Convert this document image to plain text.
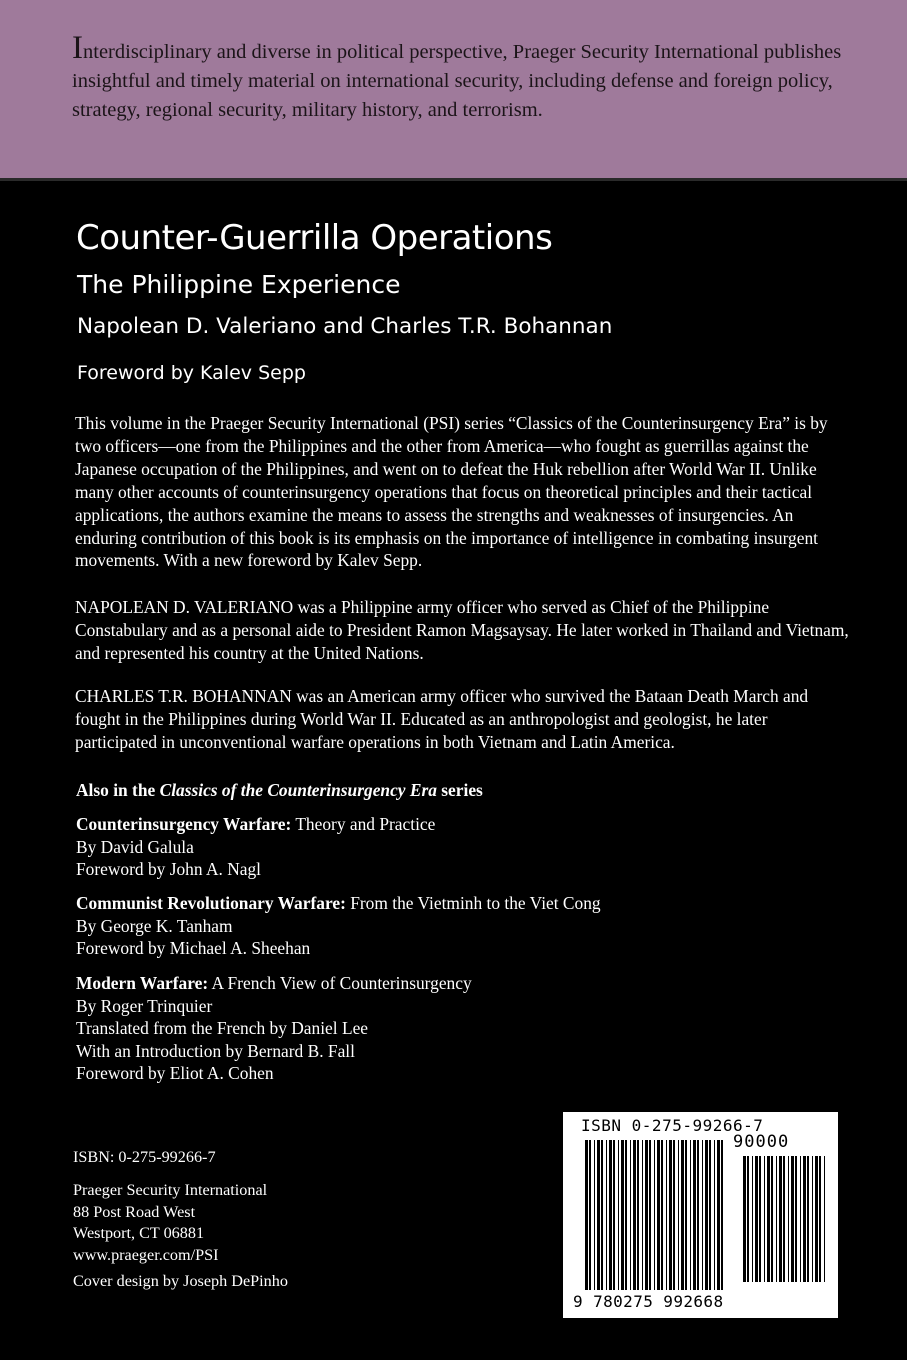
Interdisciplinary and diverse in political perspective, Praeger Security International publishes insightful and timely material on international security, including defense and foreign policy, strategy, regional security, military history, and terrorism.

Counter-Guerrilla Operations
The Philippine Experience

Napolean D. Valeriano and Charles T.R. Bohannan

Foreword by Kalev Sepp

This volume in the Praeger Security International (PSI) series “Classics of the Counterinsurgency Era” is by two officers—one from the Philippines and the other from America—who fought as guerrillas against the Japanese occupation of the Philippines, and went on to defeat the Huk rebellion after World War II. Unlike many other accounts of counterinsurgency operations that focus on theoretical principles and their tactical applications, the authors examine the means to assess the strengths and weaknesses of insurgencies. An enduring contribution of this book is its emphasis on the importance of intelligence in combating insurgent movements. With a new foreword by Kalev Sepp.

NAPOLEAN D. VALERIANO was a Philippine army officer who served as Chief of the Philippine Constabulary and as a personal aide to President Ramon Magsaysay. He later worked in Thailand and Vietnam, and represented his country at the United Nations.

CHARLES T.R. BOHANNAN was an American army officer who survived the Bataan Death March and fought in the Philippines during World War II. Educated as an anthropologist and geologist, he later participated in unconventional warfare operations in both Vietnam and Latin America.

Also in the Classics of the Counterinsurgency Era series

Counterinsurgency Warfare: Theory and Practice
By David Galula
Foreword by John A. Nagl

Communist Revolutionary Warfare: From the Vietminh to the Viet Cong
By George K. Tanham
Foreword by Michael A. Sheehan

Modern Warfare: A French View of Counterinsurgency
By Roger Trinquier
Translated from the French by Daniel Lee
With an Introduction by Bernard B. Fall
Foreword by Eliot A. Cohen

ISBN: 0-275-99266-7

Praeger Security International
88 Post Road West
Westport, CT 06881
www.praeger.com/PSI

Cover design by Joseph DePinho

ISBN 0-275-99266-7
90000
9 780275 992668
